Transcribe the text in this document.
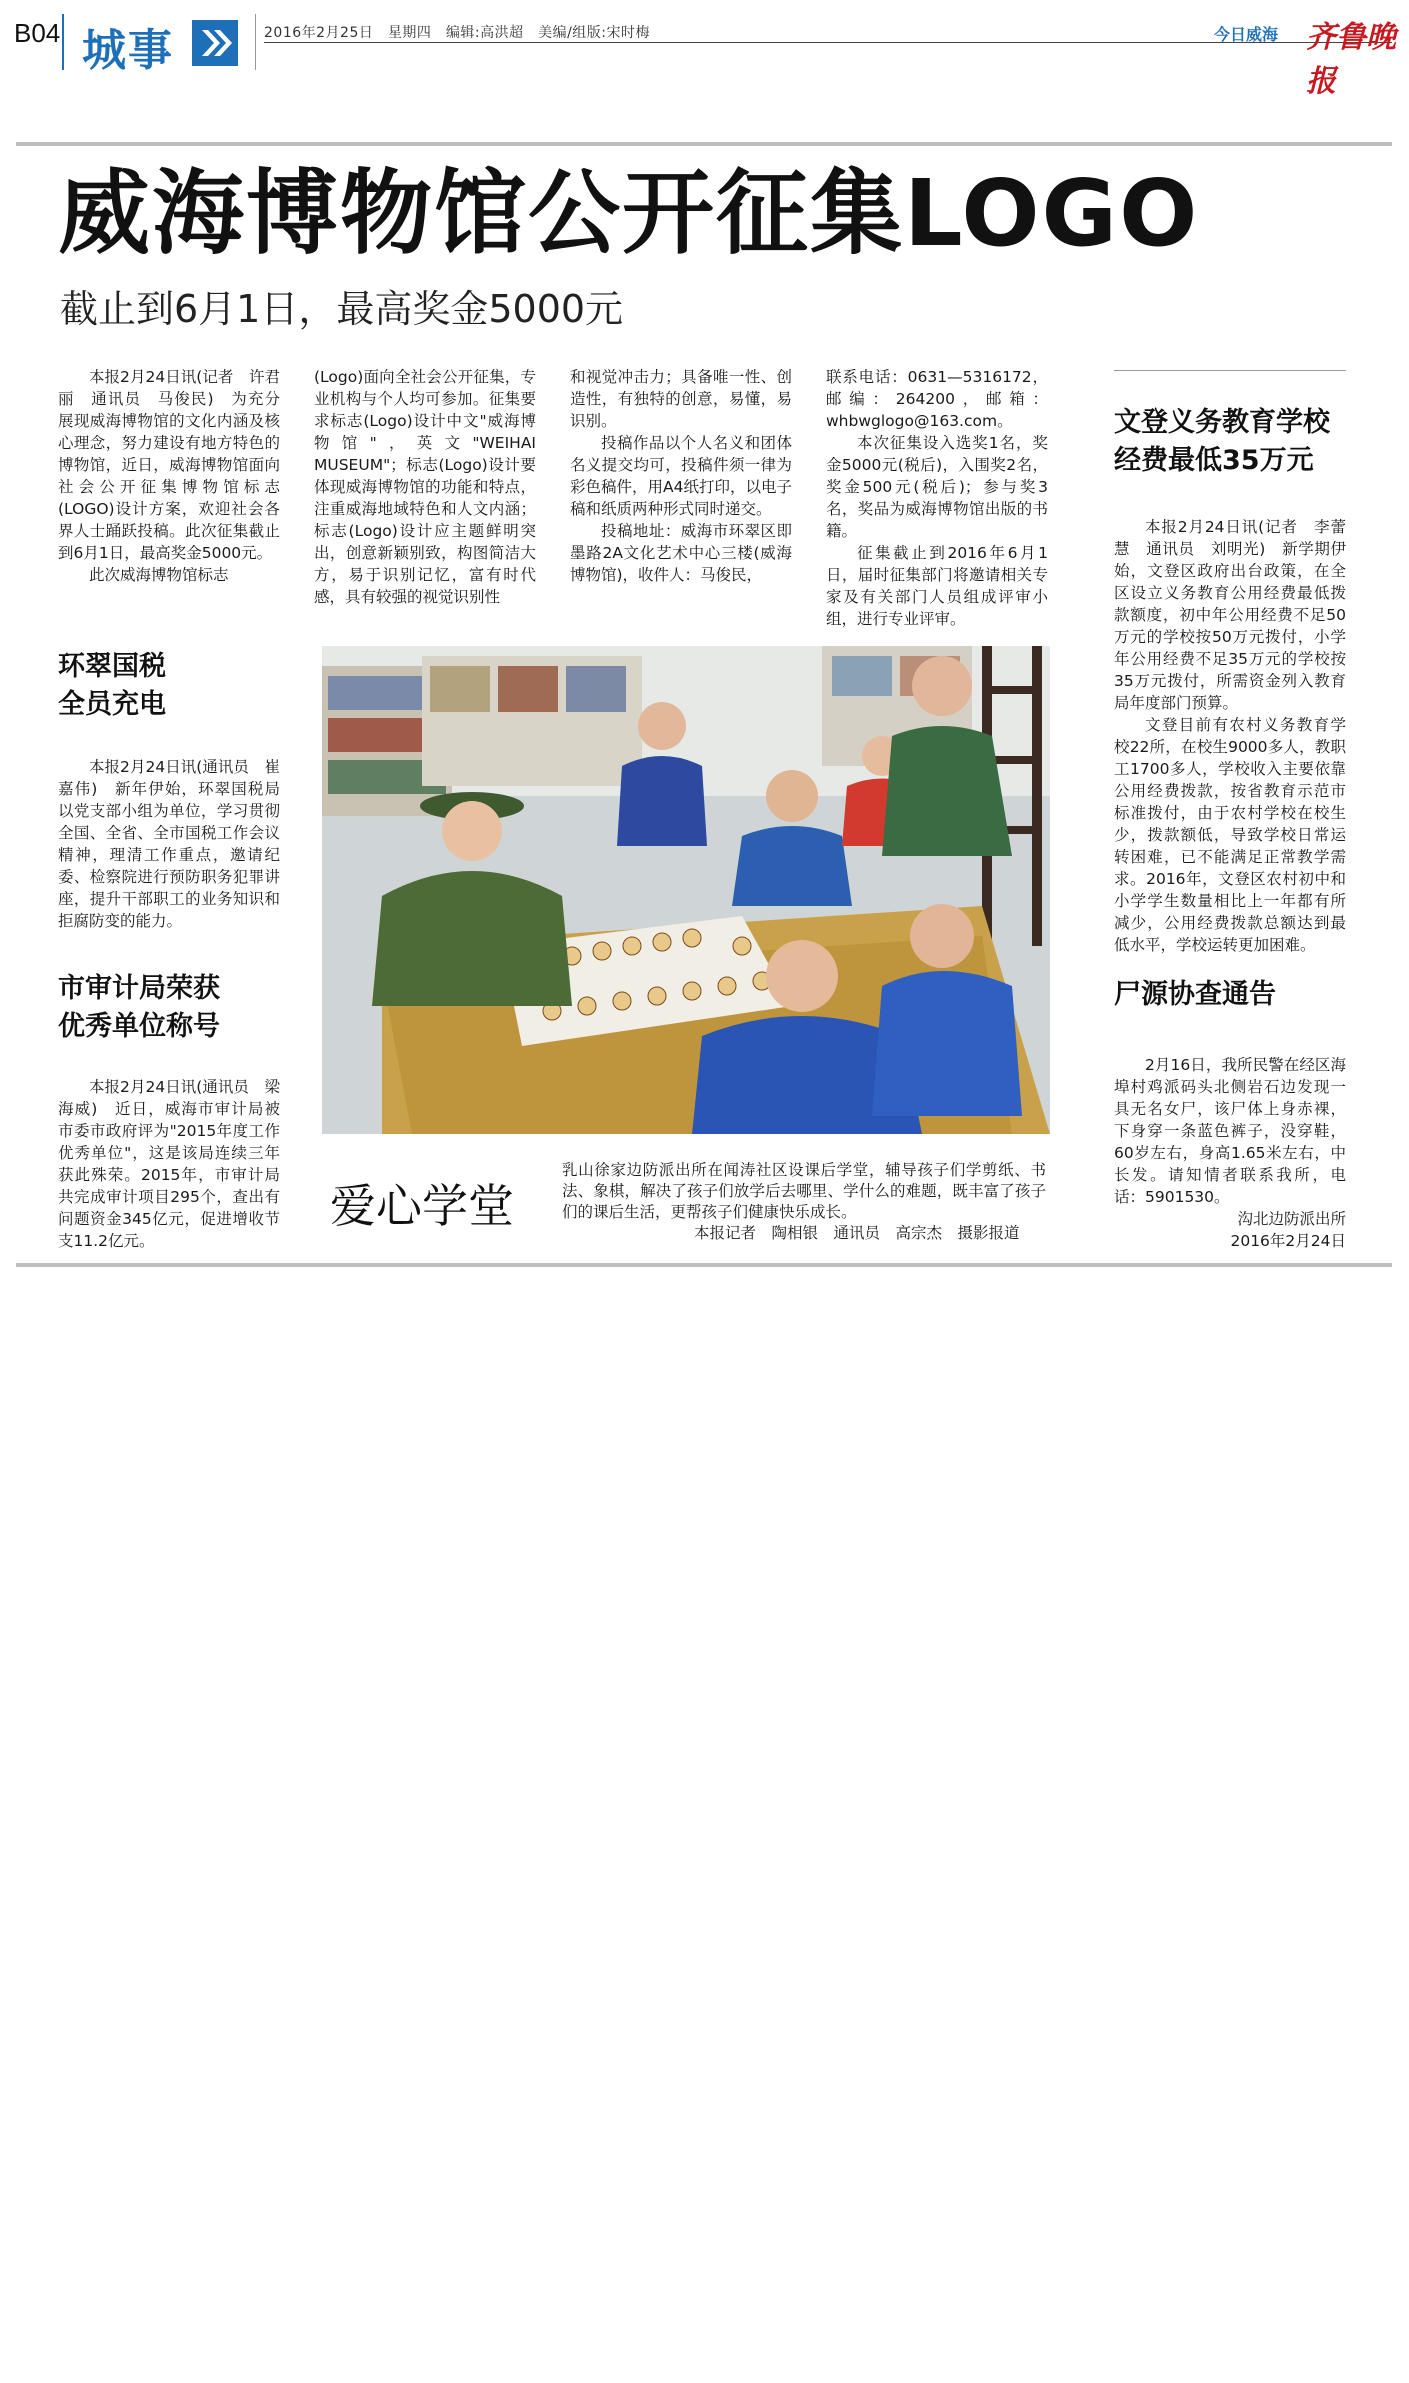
B04 城事	2016年2月25日　星期四　编辑:高洪超　美编/组版:宋时梅	今日威海 齐鲁晚报
威海博物馆公开征集LOGO
截止到6月1日，最高奖金5000元

本报2月24日讯(记者　许君丽　通讯员　马俊民)　为充分展现威海博物馆的文化内涵及核心理念，努力建设有地方特色的博物馆，近日，威海博物馆面向社会公开征集博物馆标志(LOGO)设计方案，欢迎社会各界人士踊跃投稿。此次征集截止到6月1日，最高奖金5000元。

此次威海博物馆标志

(Logo)面向全社会公开征集，专业机构与个人均可参加。征集要求标志(Logo)设计中文"威海博物馆"，英文"WEIHAI MUSEUM"；标志(Logo)设计要体现威海博物馆的功能和特点，注重威海地域特色和人文内涵；标志(Logo)设计应主题鲜明突出，创意新颖别致，构图简洁大方，易于识别记忆，富有时代感，具有较强的视觉识别性

和视觉冲击力；具备唯一性、创造性，有独特的创意，易懂，易识别。

投稿作品以个人名义和团体名义提交均可，投稿件须一律为彩色稿件，用A4纸打印，以电子稿和纸质两种形式同时递交。

投稿地址：威海市环翠区即墨路2A文化艺术中心三楼(威海博物馆)，收件人：马俊民，

联系电话：0631—5316172，邮编：264200，邮箱：whbwglogo@163.com。

本次征集设入选奖1名，奖金5000元(税后)，入围奖2名，奖金500元(税后)；参与奖3名，奖品为威海博物馆出版的书籍。

征集截止到2016年6月1日，届时征集部门将邀请相关专家及有关部门人员组成评审小组，进行专业评审。

环翠国税
全员充电

本报2月24日讯(通讯员　崔嘉伟)　新年伊始，环翠国税局以党支部小组为单位，学习贯彻全国、全省、全市国税工作会议精神，理清工作重点，邀请纪委、检察院进行预防职务犯罪讲座，提升干部职工的业务知识和拒腐防变的能力。

市审计局荣获
优秀单位称号

本报2月24日讯(通讯员　梁海威)　近日，威海市审计局被市委市政府评为"2015年度工作优秀单位"，这是该局连续三年获此殊荣。2015年，市审计局共完成审计项目295个，查出有问题资金345亿元，促进增收节支11.2亿元。

文登义务教育学校
经费最低35万元

本报2月24日讯(记者　李蕾慧　通讯员　刘明光)　新学期伊始，文登区政府出台政策，在全区设立义务教育公用经费最低拨款额度，初中年公用经费不足50万元的学校按50万元拨付，小学年公用经费不足35万元的学校按35万元拨付，所需资金列入教育局年度部门预算。

文登目前有农村义务教育学校22所，在校生9000多人，教职工1700多人，学校收入主要依靠公用经费拨款，按省教育示范市标准拨付，由于农村学校在校生少，拨款额低，导致学校日常运转困难，已不能满足正常教学需求。2016年，文登区农村初中和小学学生数量相比上一年都有所减少，公用经费拨款总额达到最低水平，学校运转更加困难。

尸源协查通告

2月16日，我所民警在经区海埠村鸡派码头北侧岩石边发现一具无名女尸，该尸体上身赤裸，下身穿一条蓝色裤子，没穿鞋，60岁左右，身高1.65米左右，中长发。请知情者联系我所，电话：5901530。

沟北边防派出所
2016年2月24日
爱心学堂
乳山徐家边防派出所在闻涛社区设课后学堂，辅导孩子们学剪纸、书法、象棋，解决了孩子们放学后去哪里、学什么的难题，既丰富了孩子们的课后生活，更帮孩子们健康快乐成长。
本报记者　陶相银　通讯员　高宗杰　摄影报道
